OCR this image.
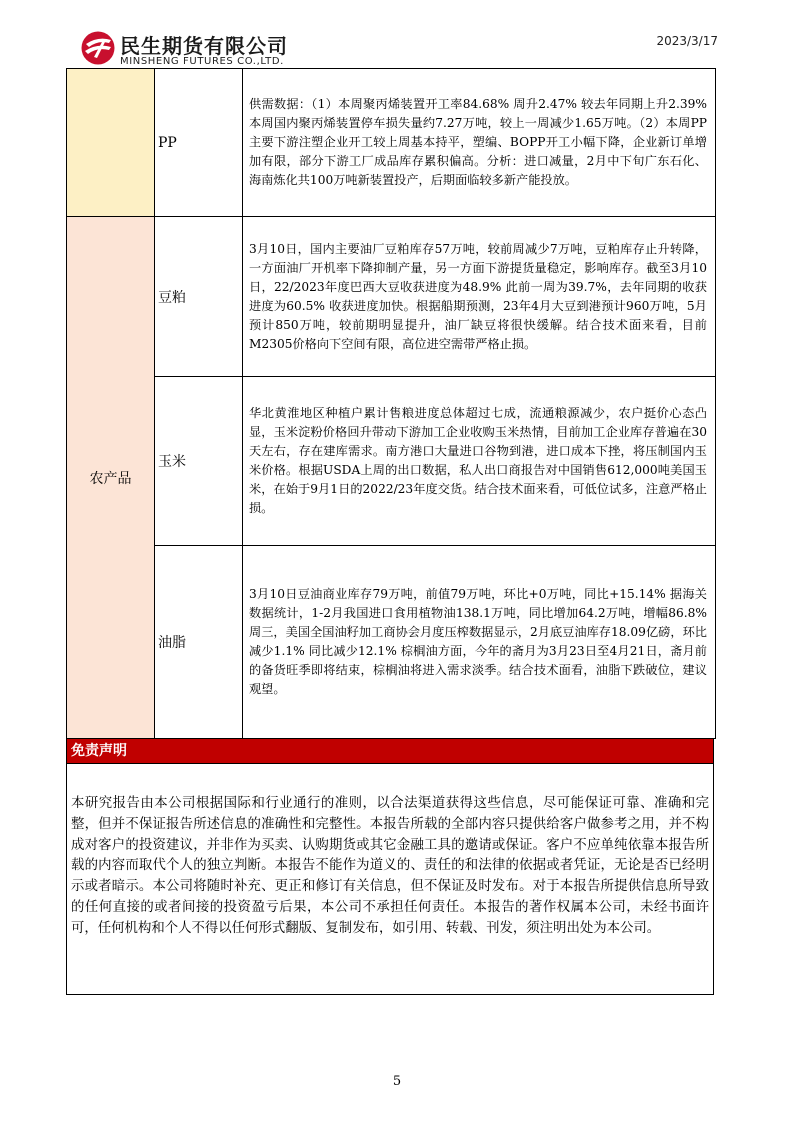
民生期货有限公司
MINSHENG FUTURES CO.,LTD.
2023/3/17
	PP	供需数据：（1）本周聚丙烯装置开工率84.68% 周升2.47% 较去年同期上升2.39% 本周国内聚丙烯装置停车损失量约7.27万吨，较上一周减少1.65万吨。（2）本周PP主要下游注塑企业开工较上周基本持平，塑编、BOPP开工小幅下降，企业新订单增加有限，部分下游工厂成品库存累积偏高。分析：进口减量，2月中下旬广东石化、海南炼化共100万吨新装置投产，后期面临较多新产能投放。
农产品	豆粕	3月10日，国内主要油厂豆粕库存57万吨，较前周减少7万吨，豆粕库存止升转降，一方面油厂开机率下降抑制产量，另一方面下游提货量稳定，影响库存。截至3月10日，22/2023年度巴西大豆收获进度为48.9% 此前一周为39.7%，去年同期的收获进度为60.5% 收获进度加快。根据船期预测，23年4月大豆到港预计960万吨，5月预计850万吨，较前期明显提升，油厂缺豆将很快缓解。结合技术面来看，目前M2305价格向下空间有限，高位进空需带严格止损。
	玉米	华北黄淮地区种植户累计售粮进度总体超过七成，流通粮源减少，农户挺价心态凸显，玉米淀粉价格回升带动下游加工企业收购玉米热情，目前加工企业库存普遍在30天左右，存在建库需求。南方港口大量进口谷物到港，进口成本下挫，将压制国内玉米价格。根据USDA上周的出口数据，私人出口商报告对中国销售612,000吨美国玉米，在始于9月1日的2022/23年度交货。结合技术面来看，可低位试多，注意严格止损。
	油脂	3月10日豆油商业库存79万吨，前值79万吨，环比+0万吨，同比+15.14% 据海关数据统计，1-2月我国进口食用植物油138.1万吨，同比增加64.2万吨，增幅86.8% 周三，美国全国油籽加工商协会月度压榨数据显示，2月底豆油库存18.09亿磅，环比减少1.1% 同比减少12.1% 棕榈油方面，今年的斋月为3月23日至4月21日，斋月前的备货旺季即将结束，棕榈油将进入需求淡季。结合技术面看，油脂下跌破位，建议观望。
免责声明
本研究报告由本公司根据国际和行业通行的准则，以合法渠道获得这些信息，尽可能保证可靠、准确和完整，但并不保证报告所述信息的准确性和完整性。本报告所载的全部内容只提供给客户做参考之用，并不构成对客户的投资建议，并非作为买卖、认购期货或其它金融工具的邀请或保证。客户不应单纯依靠本报告所载的内容而取代个人的独立判断。本报告不能作为道义的、责任的和法律的依据或者凭证，无论是否已经明示或者暗示。本公司将随时补充、更正和修订有关信息，但不保证及时发布。对于本报告所提供信息所导致的任何直接的或者间接的投资盈亏后果，本公司不承担任何责任。本报告的著作权属本公司，未经书面许可，任何机构和个人不得以任何形式翻版、复制发布，如引用、转载、刊发，须注明出处为本公司。
5
